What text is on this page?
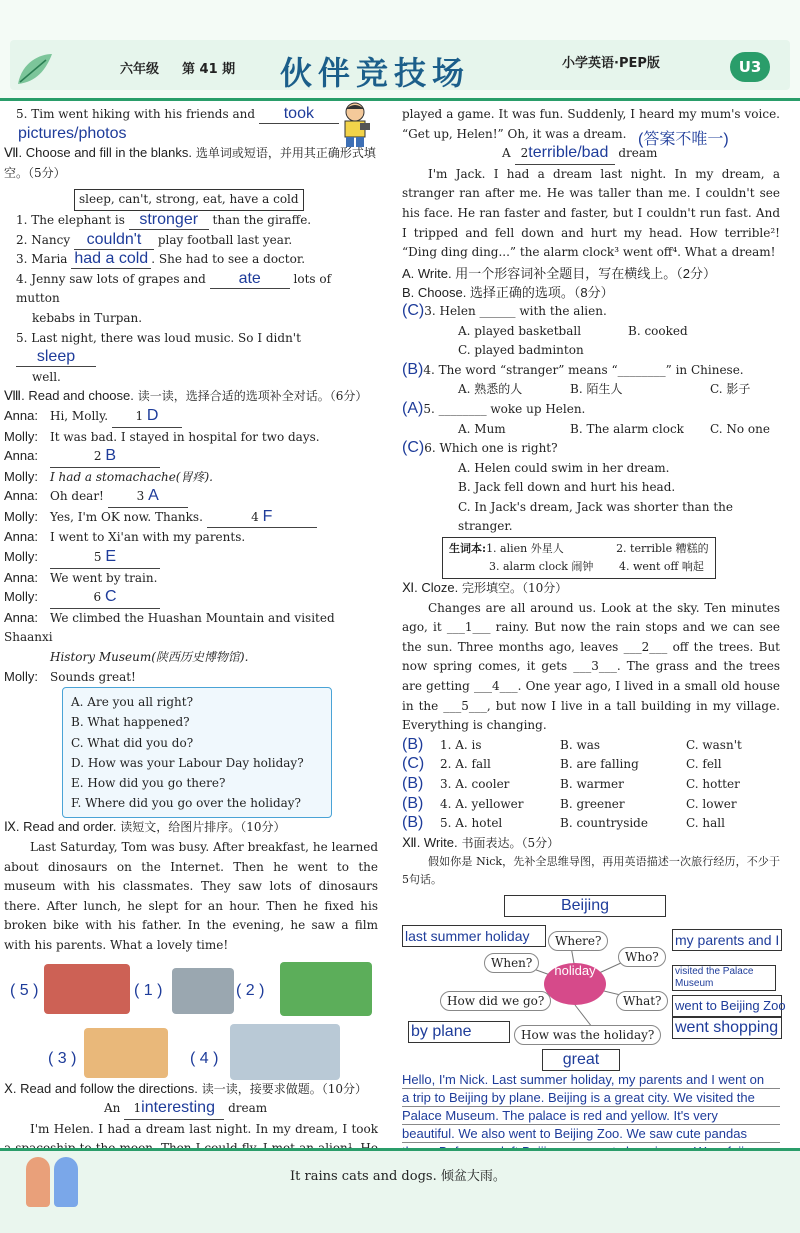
六年级 第 41 期 伙伴竞技场	小学英语·PEP版	U3
5. Tim went hiking with his friends and took
pictures/photos
Ⅶ. Choose and fill in the blanks. 选单词或短语，并用其正确形式填空。（5分）
sleep, can't, strong, eat, have a cold
1. The elephant is stronger than the giraffe.
2. Nancy couldn't play football last year.
3. Maria had a cold . She had to see a doctor.
4. Jenny saw lots of grapes and ate	lots of mutton
kebabs in Turpan.
5. Last night, there was loud music. So I didn't sleep
well.
Ⅷ. Read and choose. 读一读，选择合适的选项补全对话。（6分）
Anna: Hi, Molly. 1 D
Molly: It was bad. I stayed in hospital for two days.
Anna:	2 B
Molly: I had a stomachache(胃疼).
Anna: Oh dear!	3 A
Molly: Yes, I'm OK now. Thanks.	4 F
Anna: I went to Xi'an with my parents.
Molly:	5 E
Anna: We went by train.
Molly:	6 C
Anna: We climbed the Huashan Mountain and visited Shaanxi
History Museum(陕西历史博物馆).
Molly: Sounds great!
A. Are you all right?
B. What happened?
C. What did you do?
D. How was your Labour Day holiday?
E. How did you go there?
F. Where did you go over the holiday?
Ⅸ. Read and order. 读短文，给图片排序。（10分）
Last Saturday, Tom was busy. After breakfast, he learned about dinosaurs on the Internet. Then he went to the museum with his classmates. They saw lots of dinosaurs there. After lunch, he slept for an hour. Then he fixed his broken bike with his father. In the evening, he saw a film with his parents. What a lovely time!
( 5 )	( 1 )	( 2 )
( 3 )	( 4 )
Ⅹ. Read and follow the directions. 读一读，接要求做题。（10分）
An 1interesting dream
I'm Helen. I had a dream last night. In my dream, I took
played a game. It was fun. Suddenly, I heard my mum's voice. “Get up, Helen!” Oh, it was a dream.
A 2terrible/bad dream
(答案不唯一)
I'm Jack. I had a dream last night. In my dream, a stranger ran after me. He was taller than me. I couldn't see his face. He ran faster and faster, but I couldn't run fast. And I tripped and fell down and hurt my head. How terrible²! “Ding ding ding...” the alarm clock³ went off⁴. What a dream!
A. Write. 用一个形容词补全题目，写在横线上。（2分）
B. Choose. 选择正确的选项。（8分）
(C)3. Helen ______ with the alien.
A. played basketball	B. cooked
C. played badminton
(B)4. The word “stranger” means “________” in Chinese.
A. 熟悉的人	B. 陌生人	C. 影子
(A)5. ________ woke up Helen.
A. Mum	B. The alarm clock C. No one
(C)6. Which one is right?
A. Helen could swim in her dream.
B. Jack fell down and hurt his head.
C. In Jack's dream, Jack was shorter than the stranger.
生词本:1. alien 外星人	2. terrible 糟糕的
3. alarm clock 闹钟 4. went off 响起
Ⅺ. Cloze. 完形填空。（10分）
Changes are all around us. Look at the sky. Ten minutes ago, it ___1___ rainy. But now the rain stops and we can see the sun. Three months ago, leaves ___2___ off the trees. But now spring comes, it gets ___3___. The grass and the trees are getting ___4___. One year ago, I lived in a small old house in the ___5___, but now I live in a tall building in my village. Everything is changing.
(B)	1. A. is	B. was	C. wasn't
(C)	2. A. fall	B. are falling	C. fell
(B)	3. A. cooler	B. warmer	C. hotter
(B)	4. A. yellower	B. greener	C. lower
(B)	5. A. hotel	B. countryside	C. hall
Ⅻ. Write. 书面表达。（5分）
假如你是 Nick，先补全思维导图，再用英语描述一次旅行经历，不少于5句话。
Beijing
Where?
last summer holiday
When?	Who?
my parents and I
holiday
How did we go?	What?
visited the Palace Museum
went to Beijing Zoo
went shopping
by plane	How was the holiday?
great
Hello, I'm Nick. Last summer holiday, my parents and I went on
a trip to Beijing by plane. Beijing is a great city. We visited the
Palace Museum. The palace is red and yellow. It's very
beautiful. We also went to Beijing Zoo. We saw cute pandas
It rains cats and dogs. 倾盆大雨。
